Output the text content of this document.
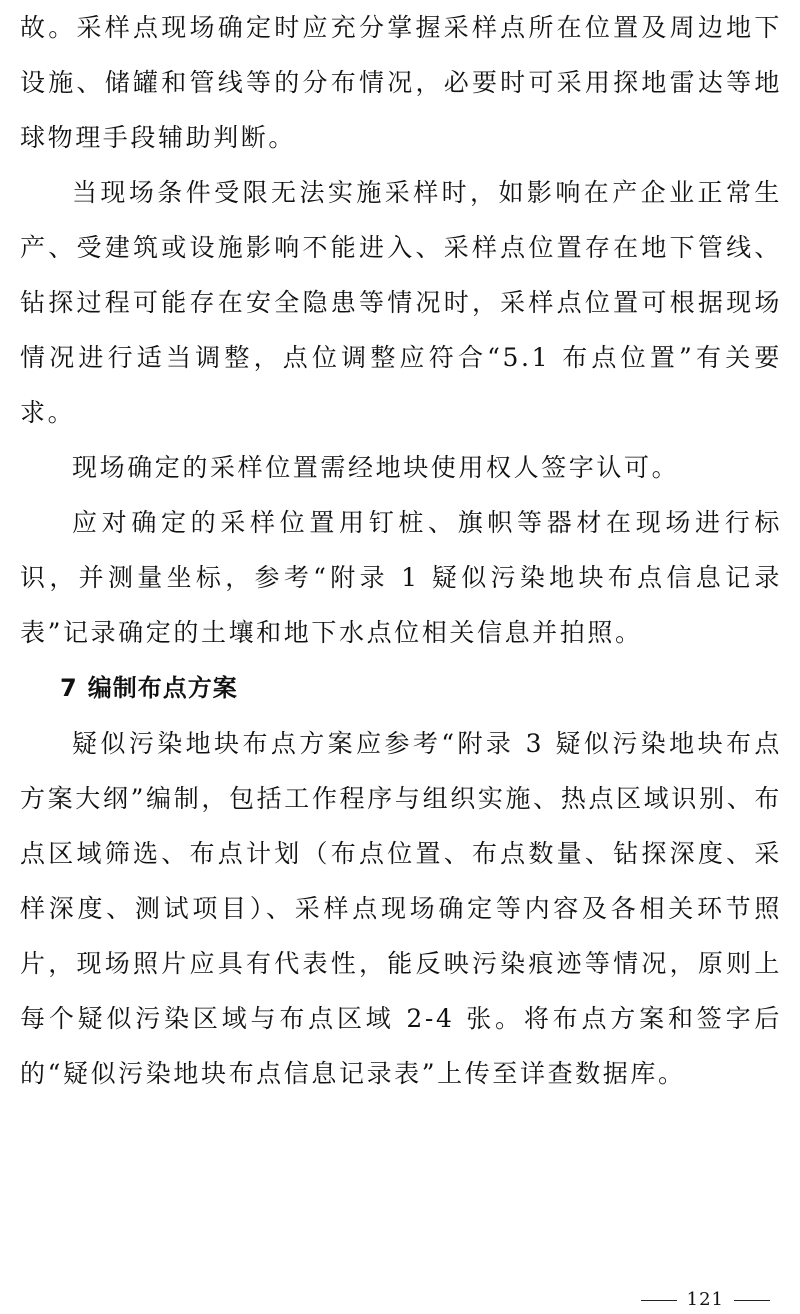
故。采样点现场确定时应充分掌握采样点所在位置及周边地下设施、储罐和管线等的分布情况，必要时可采用探地雷达等地球物理手段辅助判断。

当现场条件受限无法实施采样时，如影响在产企业正常生产、受建筑或设施影响不能进入、采样点位置存在地下管线、钻探过程可能存在安全隐患等情况时，采样点位置可根据现场情况进行适当调整，点位调整应符合“5.1 布点位置”有关要求。

现场确定的采样位置需经地块使用权人签字认可。

应对确定的采样位置用钉桩、旗帜等器材在现场进行标识，并测量坐标，参考“附录 1 疑似污染地块布点信息记录表”记录确定的土壤和地下水点位相关信息并拍照。

7 编制布点方案

疑似污染地块布点方案应参考“附录 3 疑似污染地块布点方案大纲”编制，包括工作程序与组织实施、热点区域识别、布点区域筛选、布点计划（布点位置、布点数量、钻探深度、采样深度、测试项目）、采样点现场确定等内容及各相关环节照片，现场照片应具有代表性，能反映污染痕迹等情况，原则上每个疑似污染区域与布点区域 2-4 张。将布点方案和签字后的“疑似污染地块布点信息记录表”上传至详查数据库。

121
